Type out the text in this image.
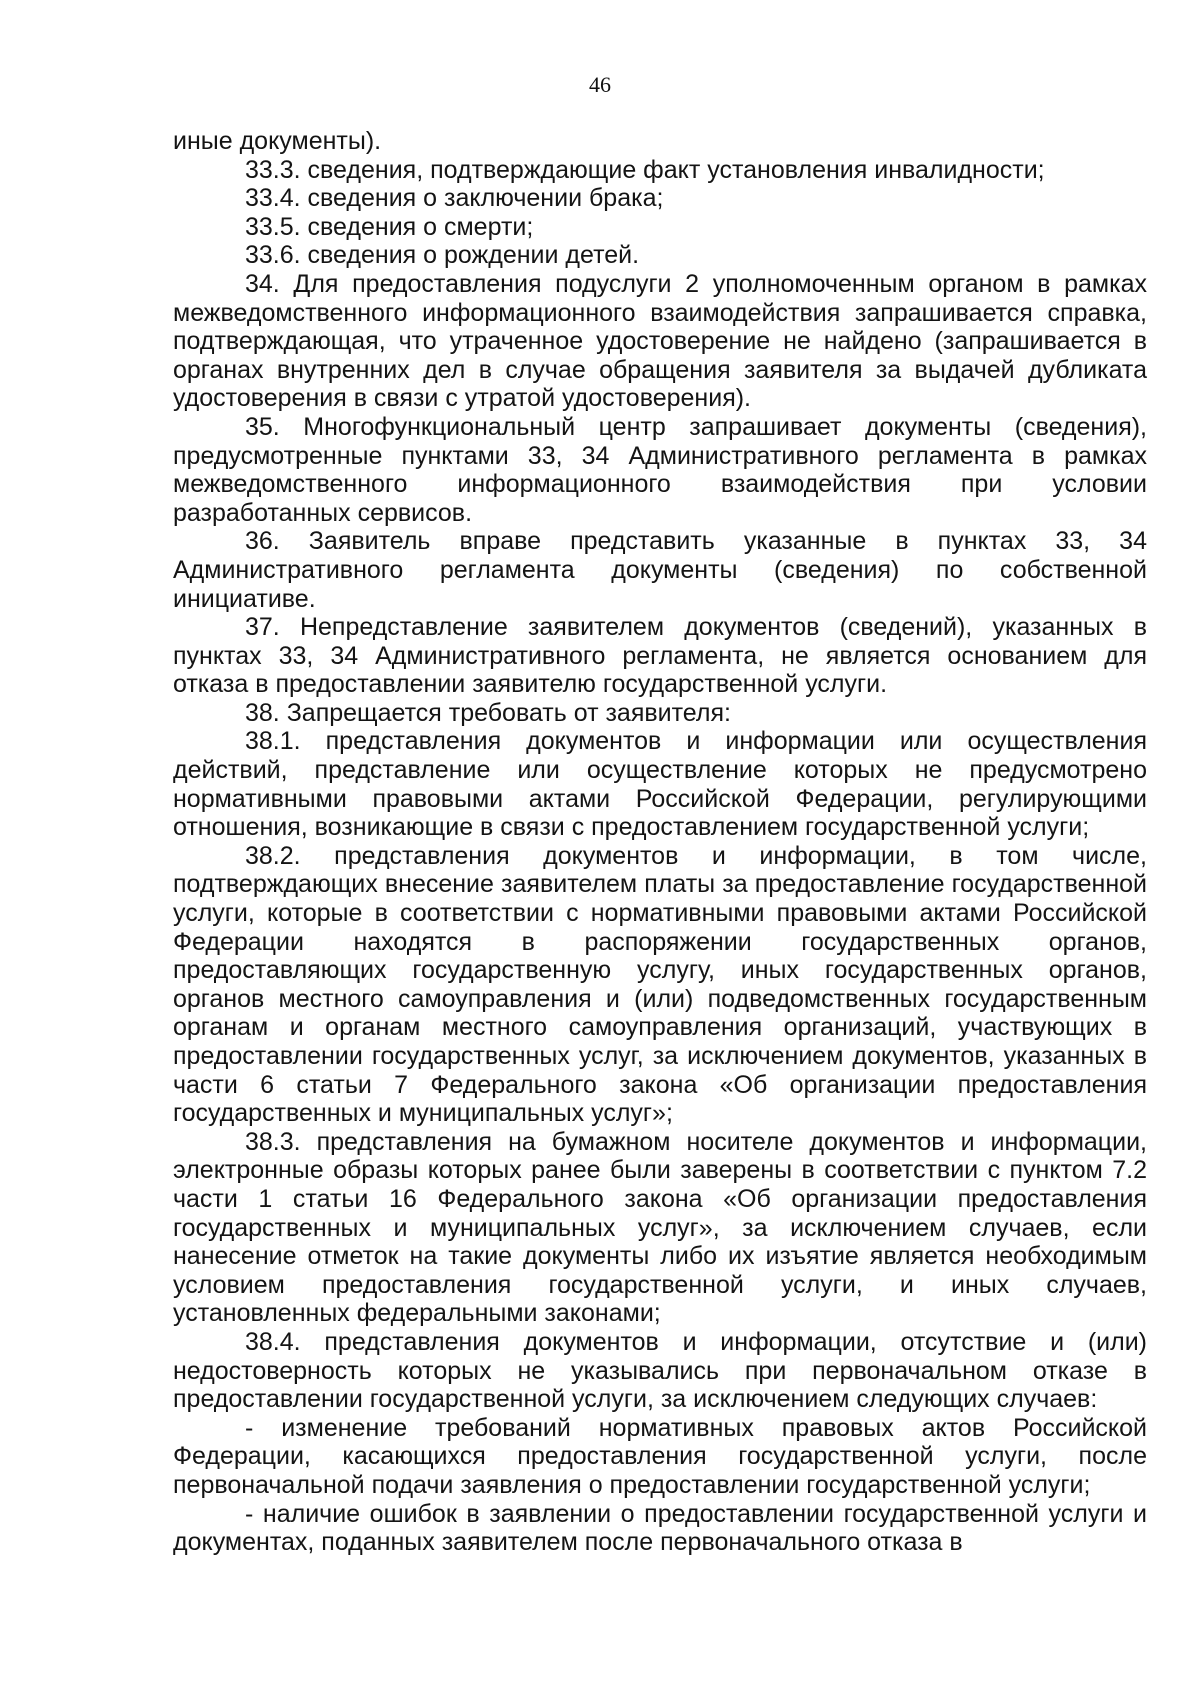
46

иные документы).

33.3. сведения, подтверждающие факт установления инвалидности;

33.4. сведения о заключении брака;

33.5. сведения о смерти;

33.6. сведения о рождении детей.

34. Для предоставления подуслуги 2 уполномоченным органом в рамках межведомственного информационного взаимодействия запрашивается справка, подтверждающая, что утраченное удостоверение не найдено (запрашивается в органах внутренних дел в случае обращения заявителя за выдачей дубликата удостоверения в связи с утратой удостоверения).

35. Многофункциональный центр запрашивает документы (сведения), предусмотренные пунктами 33, 34 Административного регламента в рамках межведомственного информационного взаимодействия при условии разработанных сервисов.

36. Заявитель вправе представить указанные в пунктах 33, 34 Административного регламента документы (сведения) по собственной инициативе.

37. Непредставление заявителем документов (сведений), указанных в пунктах 33, 34 Административного регламента, не является основанием для отказа в предоставлении заявителю государственной услуги.

38. Запрещается требовать от заявителя:

38.1. представления документов и информации или осуществления действий, представление или осуществление которых не предусмотрено нормативными правовыми актами Российской Федерации, регулирующими отношения, возникающие в связи с предоставлением государственной услуги;

38.2. представления документов и информации, в том числе, подтверждающих внесение заявителем платы за предоставление государственной услуги, которые в соответствии с нормативными правовыми актами Российской Федерации находятся в распоряжении государственных органов, предоставляющих государственную услугу, иных государственных органов, органов местного самоуправления и (или) подведомственных государственным органам и органам местного самоуправления организаций, участвующих в предоставлении государственных услуг, за исключением документов, указанных в части 6 статьи 7 Федерального закона «Об организации предоставления государственных и муниципальных услуг»;

38.3. представления на бумажном носителе документов и информации, электронные образы которых ранее были заверены в соответствии с пунктом 7.2 части 1 статьи 16 Федерального закона «Об организации предоставления государственных и муниципальных услуг», за исключением случаев, если нанесение отметок на такие документы либо их изъятие является необходимым условием предоставления государственной услуги, и иных случаев, установленных федеральными законами;

38.4. представления документов и информации, отсутствие и (или) недостоверность которых не указывались при первоначальном отказе в предоставлении государственной услуги, за исключением следующих случаев:

- изменение требований нормативных правовых актов Российской Федерации, касающихся предоставления государственной услуги, после первоначальной подачи заявления о предоставлении государственной услуги;

- наличие ошибок в заявлении о предоставлении государственной услуги и документах, поданных заявителем после первоначального отказа в
